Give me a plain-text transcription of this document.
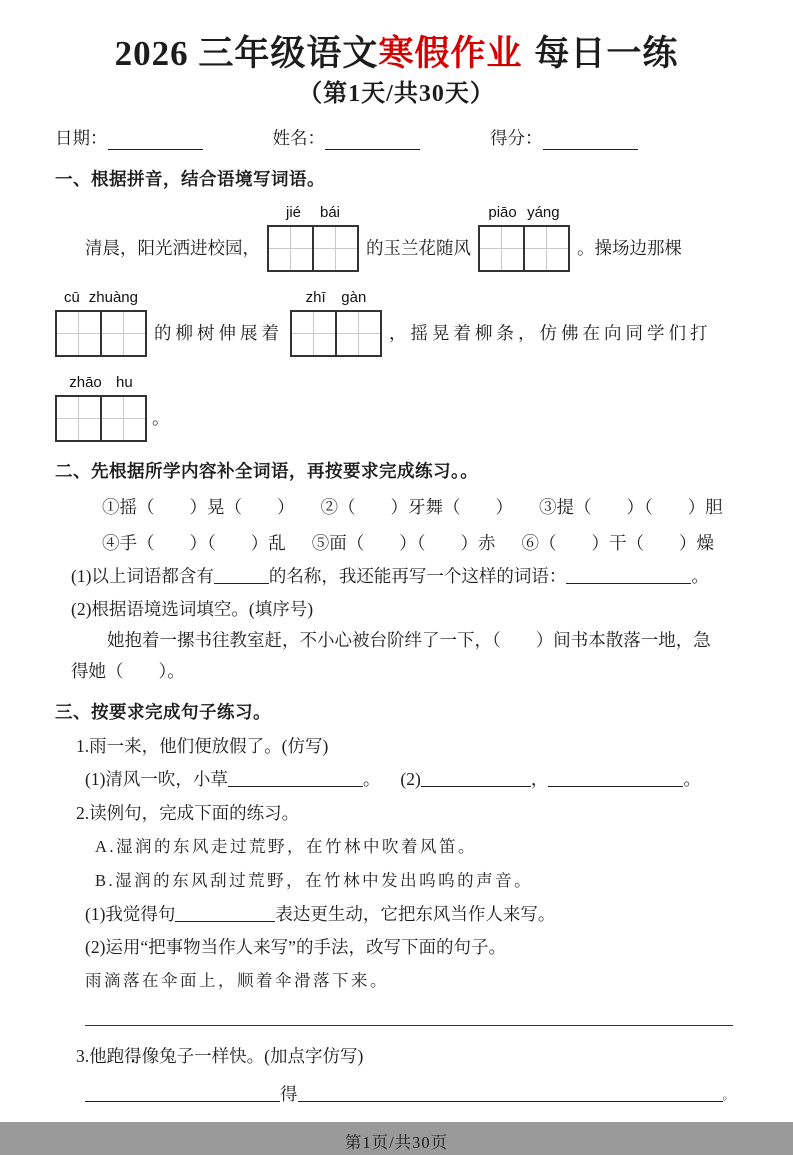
2026 三年级语文寒假作业 每日一练
（第1天/共30天）
日期：	姓名：	得分：
一、根据拼音，结合语境写词语。
清晨，阳光洒进校园，
jié bái
的玉兰花随风
piāo yáng
。操场边那棵
cū zhuàng
的柳树伸展着
zhī gàn
，摇晃着柳条，仿佛在向同学们打
zhāo hu
。
二、先根据所学内容补全词语，再按要求完成练习。。
①摇（　　）晃（　　） ②（　　）牙舞（　　） ③提（　　）（　　）胆
④手（　　）（　　）乱 ⑤面（　　）（　　）赤 ⑥（　　）干（　　）燥
(1)以上词语都含有	的名称，我还能再写一个这样的词语：	。
(2)根据语境选词填空。(填序号)
她抱着一摞书往教室赶，不小心被台阶绊了一下，（　　）间书本散落一地，急
得她（　　）。
三、按要求完成句子练习。
1.雨一来，他们便放假了。(仿写)
(1)清风一吹，小草	。 (2)	，	。
2.读例句，完成下面的练习。
A.湿润的东风走过荒野，在竹林中吹着风笛。
B.湿润的东风刮过荒野，在竹林中发出呜呜的声音。
(1)我觉得句	表达更生动，它把东风当作人来写。
(2)运用“把事物当作人来写”的手法，改写下面的句子。
雨滴落在伞面上，顺着伞滑落下来。
3.他跑得像兔子一样快。(加点字仿写)
得	。
第1页/共30页
